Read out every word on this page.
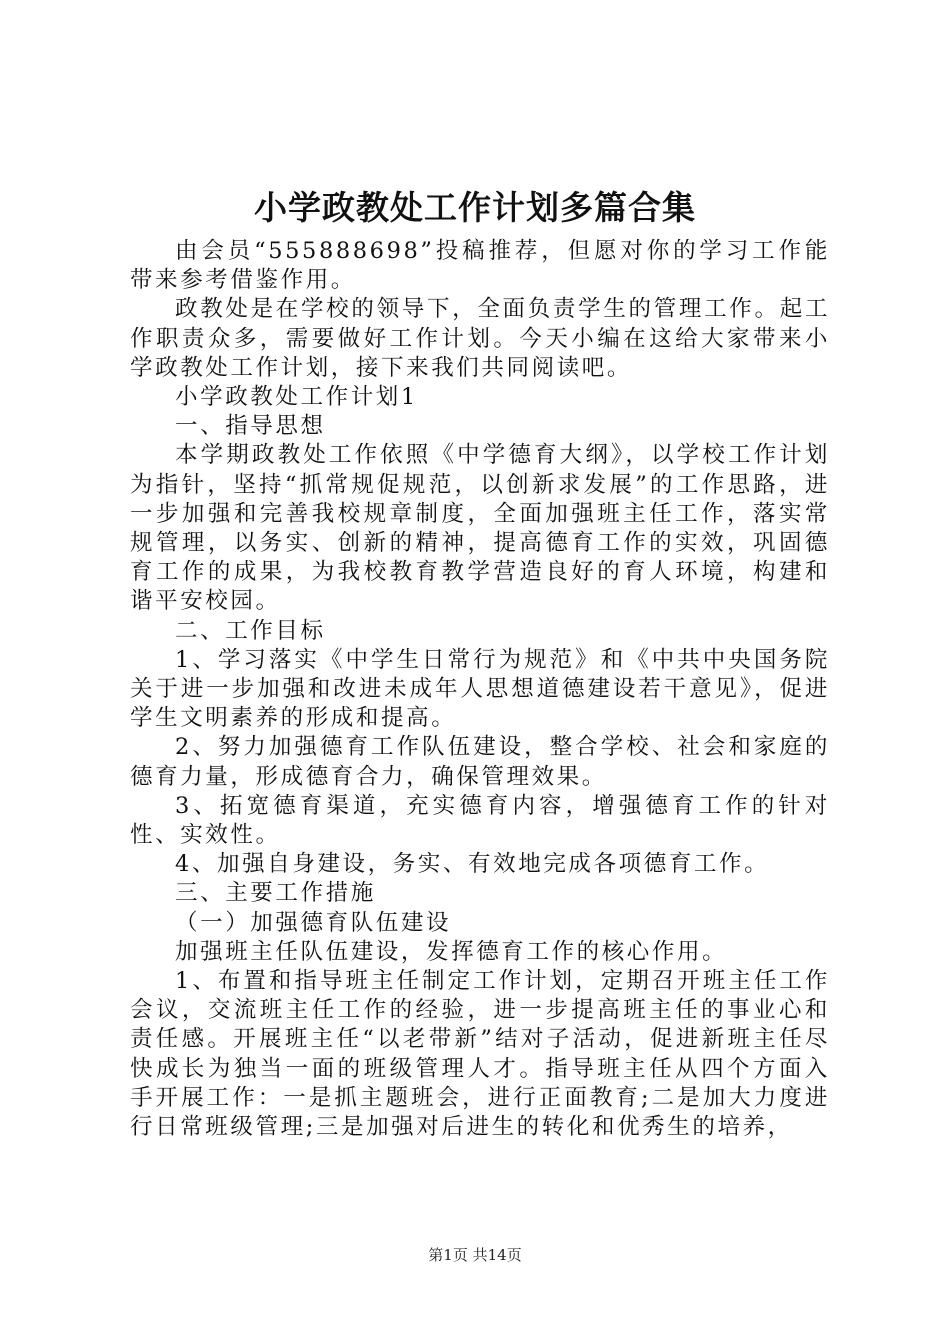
小学政教处工作计划多篇合集

由会员“555888698”投稿推荐，但愿对你的学习工作能带来参考借鉴作用。

政教处是在学校的领导下，全面负责学生的管理工作。起工作职责众多，需要做好工作计划。今天小编在这给大家带来小学政教处工作计划，接下来我们共同阅读吧。

小学政教处工作计划1

一、指导思想

本学期政教处工作依照《中学德育大纲》，以学校工作计划为指针，坚持“抓常规促规范，以创新求发展”的工作思路，进一步加强和完善我校规章制度，全面加强班主任工作，落实常规管理，以务实、创新的精神，提高德育工作的实效，巩固德育工作的成果，为我校教育教学营造良好的育人环境，构建和谐平安校园。

二、工作目标

1、学习落实《中学生日常行为规范》和《中共中央国务院关于进一步加强和改进未成年人思想道德建设若干意见》，促进学生文明素养的形成和提高。

2、努力加强德育工作队伍建设，整合学校、社会和家庭的德育力量，形成德育合力，确保管理效果。

3、拓宽德育渠道，充实德育内容，增强德育工作的针对性、实效性。

4、加强自身建设，务实、有效地完成各项德育工作。

三、主要工作措施

（一）加强德育队伍建设

加强班主任队伍建设，发挥德育工作的核心作用。

1、布置和指导班主任制定工作计划，定期召开班主任工作会议，交流班主任工作的经验，进一步提高班主任的事业心和责任感。开展班主任“以老带新”结对子活动，促进新班主任尽快成长为独当一面的班级管理人才。指导班主任从四个方面入手开展工作：一是抓主题班会，进行正面教育;二是加大力度进行日常班级管理;三是加强对后进生的转化和优秀生的培养，

第1页 共14页
